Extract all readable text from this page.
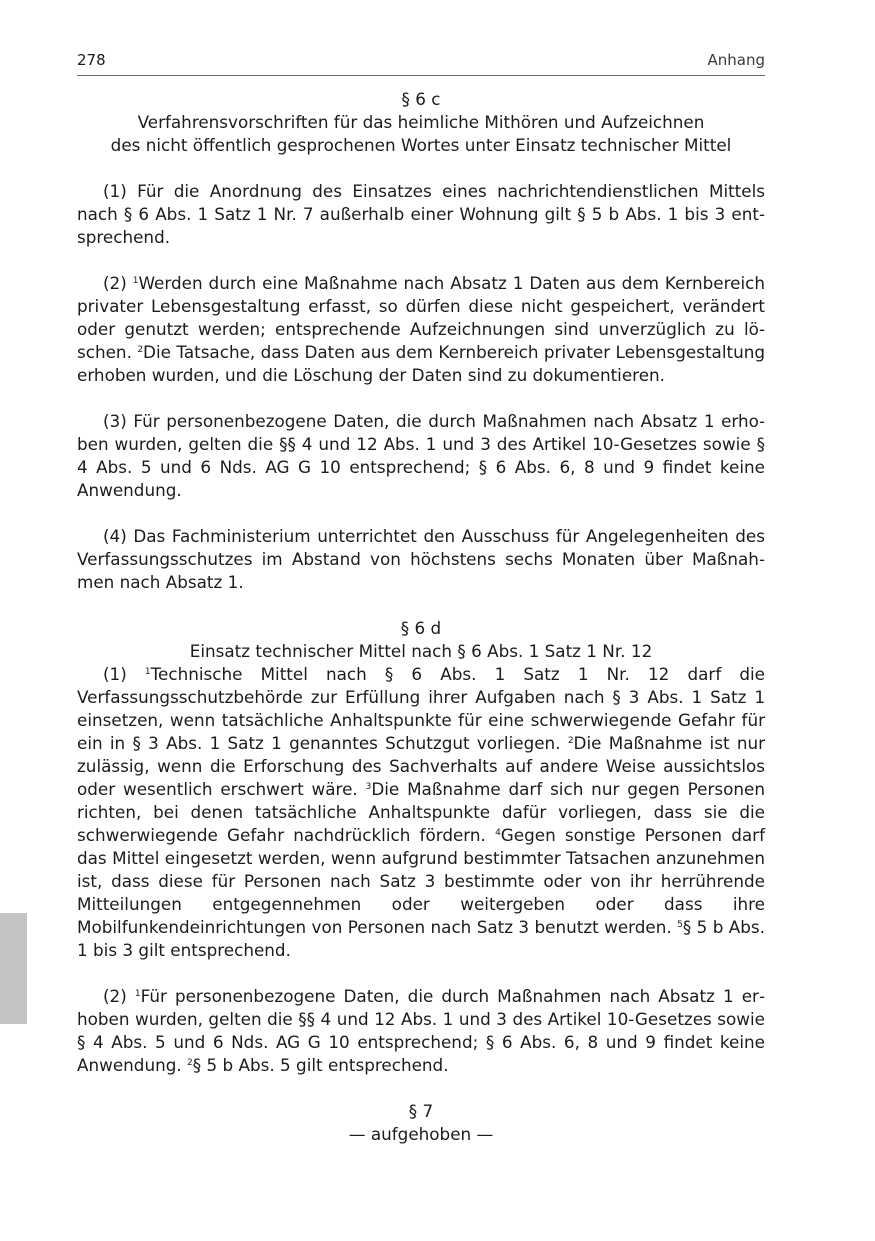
278	Anhang
§ 6 c
Verfahrensvorschriften für das heimliche Mithören und Aufzeichnen
des nicht öffentlich gesprochenen Wortes unter Einsatz technischer Mittel

(1) Für die Anordnung des Einsatzes eines nachrichtendienstlichen Mittels nach § 6 Abs. 1 Satz 1 Nr. 7 außerhalb einer Wohnung gilt § 5 b Abs. 1 bis 3 entsprechend.

(2) $^1$Werden durch eine Maßnahme nach Absatz 1 Daten aus dem Kernbereich privater Lebensgestaltung erfasst, so dürfen diese nicht gespeichert, verändert oder genutzt werden; entsprechende Aufzeichnungen sind unverzüglich zu löschen. $^2$Die Tatsache, dass Daten aus dem Kernbereich privater Lebensgestaltung erhoben wurden, und die Löschung der Daten sind zu dokumentieren.

(3) Für personenbezogene Daten, die durch Maßnahmen nach Absatz 1 erhoben wurden, gelten die §§ 4 und 12 Abs. 1 und 3 des Artikel 10-Gesetzes sowie § 4 Abs. 5 und 6 Nds. AG G 10 entsprechend; § 6 Abs. 6, 8 und 9 findet keine Anwendung.

(4) Das Fachministerium unterrichtet den Ausschuss für Angelegenheiten des Verfassungsschutzes im Abstand von höchstens sechs Monaten über Maßnahmen nach Absatz 1.

§ 6 d
Einsatz technischer Mittel nach § 6 Abs. 1 Satz 1 Nr. 12

(1) $^1$Technische Mittel nach § 6 Abs. 1 Satz 1 Nr. 12 darf die Verfassungsschutzbehörde zur Erfüllung ihrer Aufgaben nach § 3 Abs. 1 Satz 1 einsetzen, wenn tatsächliche Anhaltspunkte für eine schwerwiegende Gefahr für ein in § 3 Abs. 1 Satz 1 genanntes Schutzgut vorliegen. $^2$Die Maßnahme ist nur zulässig, wenn die Erforschung des Sachverhalts auf andere Weise aussichtslos oder wesentlich erschwert wäre. $^3$Die Maßnahme darf sich nur gegen Personen richten, bei denen tatsächliche Anhaltspunkte dafür vorliegen, dass sie die schwerwiegende Gefahr nachdrücklich fördern. $^4$Gegen sonstige Personen darf das Mittel eingesetzt werden, wenn aufgrund bestimmter Tatsachen anzunehmen ist, dass diese für Personen nach Satz 3 bestimmte oder von ihr herrührende Mitteilungen entgegennehmen oder weitergeben oder dass ihre Mobilfunkendeinrichtungen von Personen nach Satz 3 benutzt werden. $^5$§ 5 b Abs. 1 bis 3 gilt entsprechend.

(2) $^1$Für personenbezogene Daten, die durch Maßnahmen nach Absatz 1 erhoben wurden, gelten die §§ 4 und 12 Abs. 1 und 3 des Artikel 10-Gesetzes sowie § 4 Abs. 5 und 6 Nds. AG G 10 entsprechend; § 6 Abs. 6, 8 und 9 findet keine Anwendung. $^2$§ 5 b Abs. 5 gilt entsprechend.

§ 7
— aufgehoben —
